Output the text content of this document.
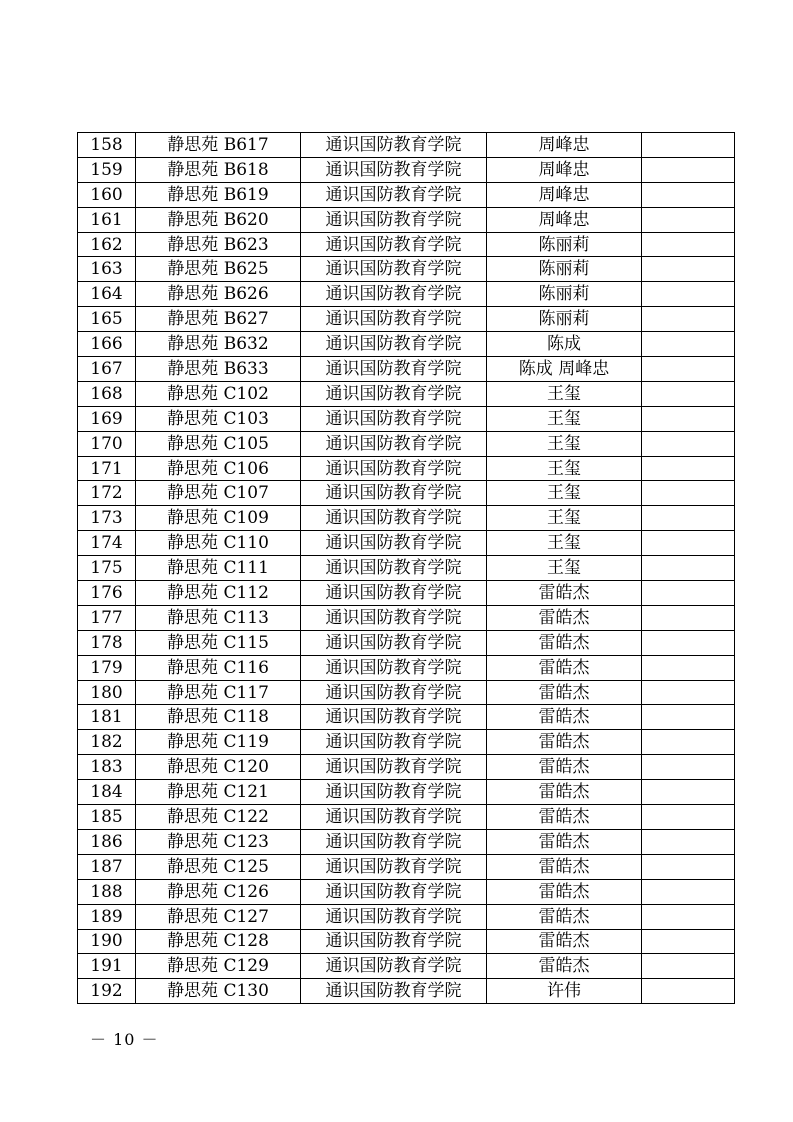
158	静思苑 B617	通识国防教育学院	周峰忠	
159	静思苑 B618	通识国防教育学院	周峰忠	
160	静思苑 B619	通识国防教育学院	周峰忠	
161	静思苑 B620	通识国防教育学院	周峰忠	
162	静思苑 B623	通识国防教育学院	陈丽莉	
163	静思苑 B625	通识国防教育学院	陈丽莉	
164	静思苑 B626	通识国防教育学院	陈丽莉	
165	静思苑 B627	通识国防教育学院	陈丽莉	
166	静思苑 B632	通识国防教育学院	陈成	
167	静思苑 B633	通识国防教育学院	陈成 周峰忠	
168	静思苑 C102	通识国防教育学院	王玺	
169	静思苑 C103	通识国防教育学院	王玺	
170	静思苑 C105	通识国防教育学院	王玺	
171	静思苑 C106	通识国防教育学院	王玺	
172	静思苑 C107	通识国防教育学院	王玺	
173	静思苑 C109	通识国防教育学院	王玺	
174	静思苑 C110	通识国防教育学院	王玺	
175	静思苑 C111	通识国防教育学院	王玺	
176	静思苑 C112	通识国防教育学院	雷皓杰	
177	静思苑 C113	通识国防教育学院	雷皓杰	
178	静思苑 C115	通识国防教育学院	雷皓杰	
179	静思苑 C116	通识国防教育学院	雷皓杰	
180	静思苑 C117	通识国防教育学院	雷皓杰	
181	静思苑 C118	通识国防教育学院	雷皓杰	
182	静思苑 C119	通识国防教育学院	雷皓杰	
183	静思苑 C120	通识国防教育学院	雷皓杰	
184	静思苑 C121	通识国防教育学院	雷皓杰	
185	静思苑 C122	通识国防教育学院	雷皓杰	
186	静思苑 C123	通识国防教育学院	雷皓杰	
187	静思苑 C125	通识国防教育学院	雷皓杰	
188	静思苑 C126	通识国防教育学院	雷皓杰	
189	静思苑 C127	通识国防教育学院	雷皓杰	
190	静思苑 C128	通识国防教育学院	雷皓杰	
191	静思苑 C129	通识国防教育学院	雷皓杰	
192	静思苑 C130	通识国防教育学院	许伟	
－ 10 －
